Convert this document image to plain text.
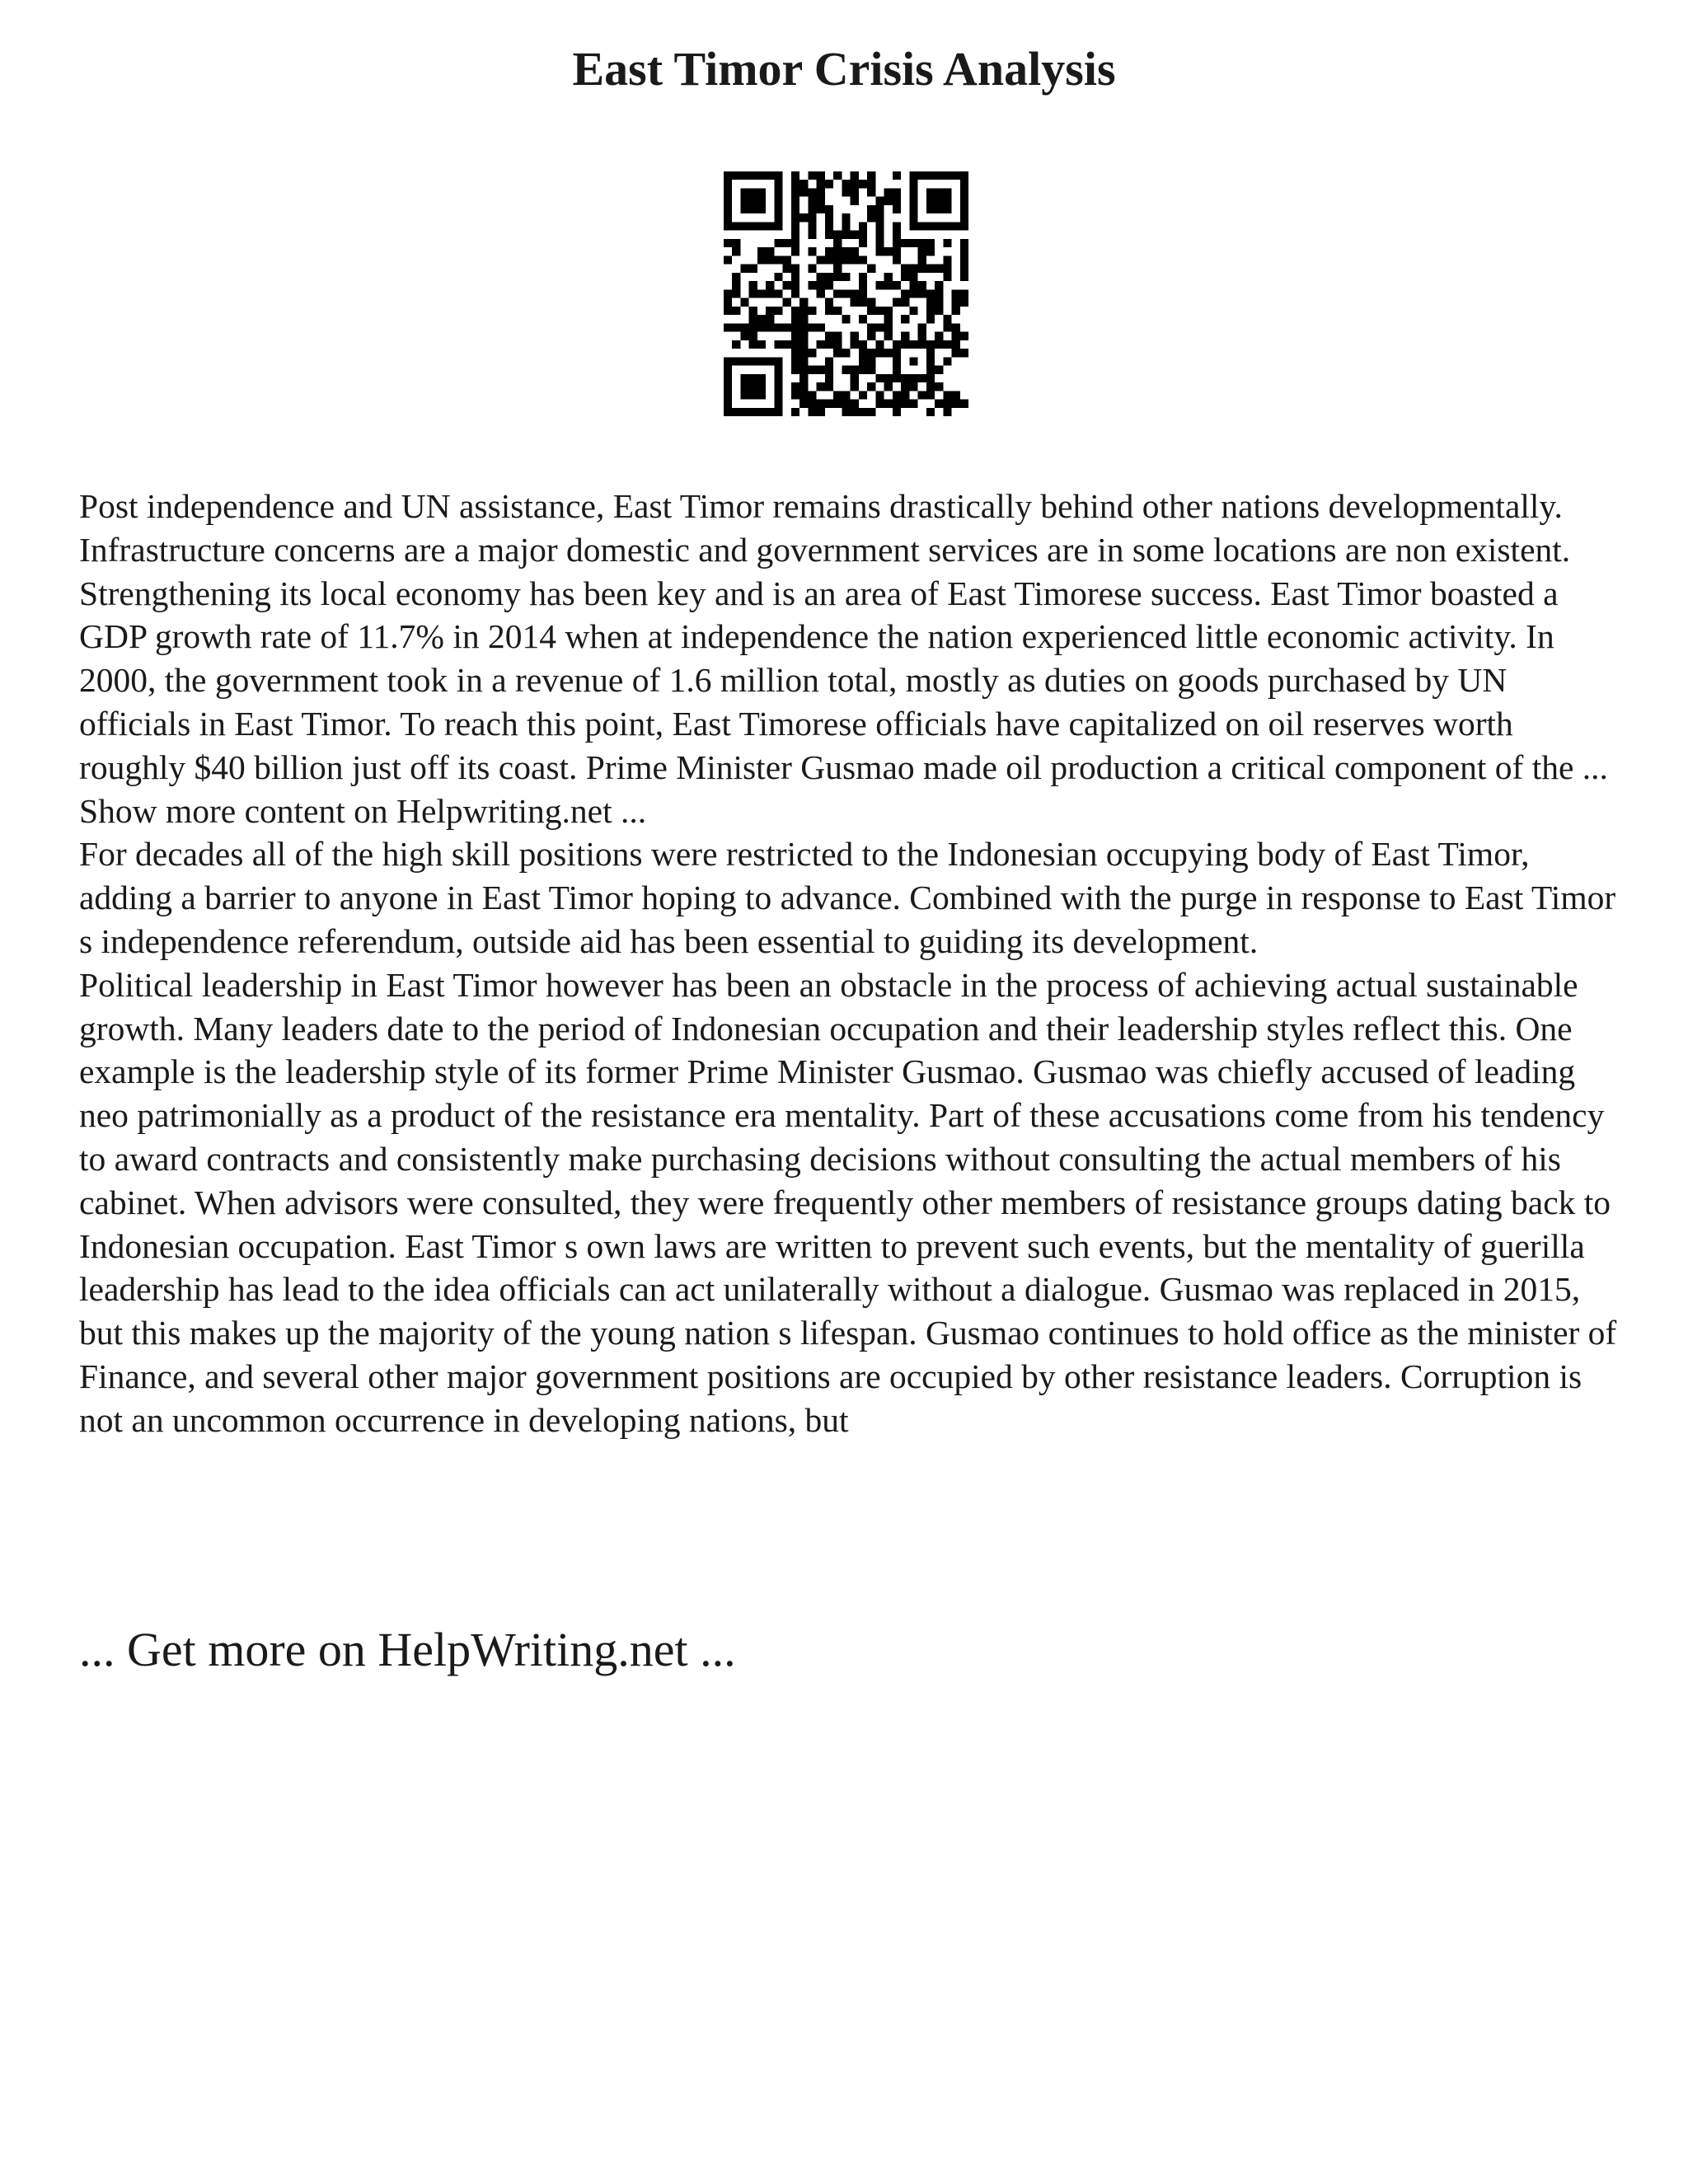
East Timor Crisis Analysis

Post independence and UN assistance, East Timor remains drastically behind other nations developmentally. Infrastructure concerns are a major domestic and government services are in some locations are non existent. Strengthening its local economy has been key and is an area of East Timorese success. East Timor boasted a GDP growth rate of 11.7% in 2014 when at independence the nation experienced little economic activity. In 2000, the government took in a revenue of 1.6 million total, mostly as duties on goods purchased by UN officials in East Timor. To reach this point, East Timorese officials have capitalized on oil reserves worth roughly $40 billion just off its coast. Prime Minister Gusmao made oil production a critical component of the ... Show more content on Helpwriting.net ...

For decades all of the high skill positions were restricted to the Indonesian occupying body of East Timor, adding a barrier to anyone in East Timor hoping to advance. Combined with the purge in response to East Timor s independence referendum, outside aid has been essential to guiding its development.

Political leadership in East Timor however has been an obstacle in the process of achieving actual sustainable growth. Many leaders date to the period of Indonesian occupation and their leadership styles reflect this. One example is the leadership style of its former Prime Minister Gusmao. Gusmao was chiefly accused of leading neo patrimonially as a product of the resistance era mentality. Part of these accusations come from his tendency to award contracts and consistently make purchasing decisions without consulting the actual members of his cabinet. When advisors were consulted, they were frequently other members of resistance groups dating back to Indonesian occupation. East Timor s own laws are written to prevent such events, but the mentality of guerilla leadership has lead to the idea officials can act unilaterally without a dialogue. Gusmao was replaced in 2015, but this makes up the majority of the young nation s lifespan. Gusmao continues to hold office as the minister of Finance, and several other major government positions are occupied by other resistance leaders. Corruption is not an uncommon occurrence in developing nations, but

... Get more on HelpWriting.net ...
